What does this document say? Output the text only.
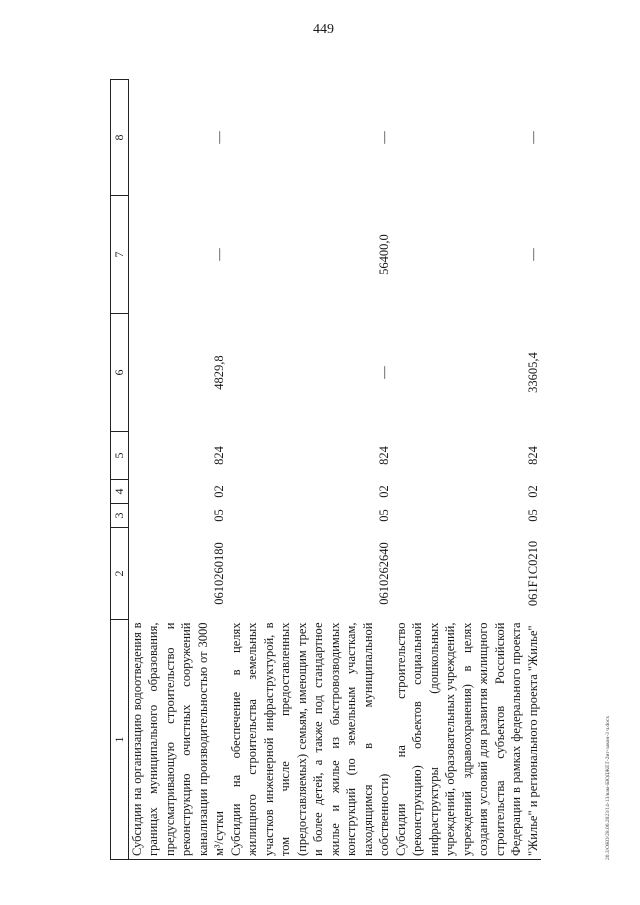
449
20.3/ОКО/28.06.2023/14-13/вам-БЮДЖЕТ-2нт-закон-3 ч.docx
1	2	3	4	5	6	7	8
Субсидии на организацию водоотведения в границах муниципального образования, предусматривающую строительство и реконструкцию очистных сооружений канализации производительностью от 3000 м³/сутки	0610260180	05	02	824	4829,8	—	—
Субсидии на обеспечение в целях жилищного строительства земельных участков инженерной инфраструктурой, в том числе предоставленных (предоставляемых) семьям, имеющим трех и более детей, а также под стандартное жилье и жилье из быстровозводимых конструкций (по земельным участкам, находящимся в муниципальной собственности)	0610262640	05	02	824	—	56400,0	—
Субсидии на строительство (реконструкцию) объектов социальной инфраструктуры (дошкольных учреждений, образовательных учреждений, учреждений здравоохранения) в целях создания условий для развития жилищного строительства субъектов Российской Федерации в рамках федерального проекта "Жилье" и регионального проекта "Жилье"	061F1C0210	05	02	824	33605,4	—	—
